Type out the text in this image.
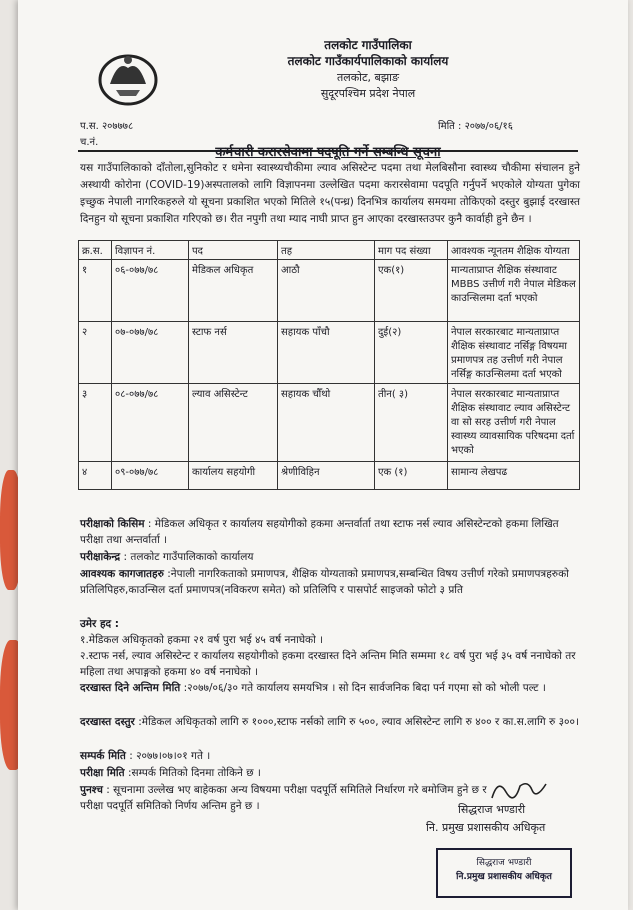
तलकोट गाउँपालिका
तलकोट गाउँकार्यपालिकाको कार्यालय
तलकोट, बझाङ
सुदूरपश्चिम प्रदेश नेपाल
प.स. २०७७७८
च.नं.
मिति : २०७७/०६/१६
कर्मचारी करारसेवामा पदपूति गर्ने सम्बन्धि सूचना
यस गाउँपालिकाको दाँतोला,सुनिकोट र धमेना स्वास्थ्यचौकीमा ल्याव असिस्टेन्ट पदमा तथा मेलबिसौना स्वास्थ्य चौकीमा संचालन हुने अस्थायी कोरोना (COVID-19)अस्पतालको लागि विज्ञापनमा उल्लेखित पदमा करारसेवामा पदपूति गर्नुपर्ने भएकोले योग्यता पुगेका इच्छुक नेपाली नागरिकहरुले यो सूचना प्रकाशित भएको मितिले १५(पन्ध्र) दिनभित्र कार्यालय समयमा तोकिएको दस्तुर बुझाई दरखास्त दिनहुन यो सूचना प्रकाशित गरिएको छ। रीत नपुगी तथा म्याद नाघी प्राप्त हुन आएका दरखास्तउपर कुनै कार्वाही हुने छैन ।
क्र.स.	विज्ञापन नं.	पद	तह	माग पद संख्या	आवश्यक न्यूनतम शैक्षिक योग्यता
१	०६-०७७/७८	मेडिकल अधिकृत	आठौ	एक(१)	मान्यताप्राप्त शैक्षिक संस्थावाट MBBS उत्तीर्ण गरी नेपाल मेडिकल काउन्सिलमा दर्ता भएको
२	०७-०७७/७८	स्टाफ नर्स	सहायक पाँचौ	दुई(२)	नेपाल सरकारबाट मान्यताप्राप्त शैक्षिक संस्थावाट नर्सिङ्ग विषयमा प्रमाणपत्र तह उत्तीर्ण गरी नेपाल नर्सिङ्ग काउन्सिलमा दर्ता भएको
३	०८-०७७/७८	ल्याव असिस्टेन्ट	सहायक चौँथो	तीन( ३)	नेपाल सरकारबाट मान्यताप्राप्त शैक्षिक संस्थावाट ल्याव असिस्टेन्ट वा सो सरह उत्तीर्ण गरी नेपाल स्वास्थ्य व्यावसायिक परिषदमा दर्ता भएको
४	०९-०७७/७८	कार्यालय सहयोगी	श्रेणीविहिन	एक (१)	सामान्य लेखपढ
परीक्षाको किसिम : मेडिकल अधिकृत र कार्यालय सहयोगीको हकमा अन्तर्वार्ता तथा स्टाफ नर्स ल्याव असिस्टेन्टको हकमा लिखित परीक्षा तथा अन्तर्वार्ता ।
परीक्षाकेन्द्र : तलकोट गाउँपालिकाको कार्यालय
आवश्यक कागजातहरु :नेपाली नागरिकताको प्रमाणपत्र, शैक्षिक योग्यताको प्रमाणपत्र,सम्बन्धित विषय उत्तीर्ण गरेको प्रमाणपत्रहरुको प्रतिलिपिहरु,काउन्सिल दर्ता प्रमाणपत्र(नविकरण समेत) को प्रतिलिपि र पासपोर्ट साइजको फोटो ३ प्रति
उमेर हद :
१.मेडिकल अधिकृतको हकमा २१ वर्ष पुरा भई ४५ वर्ष ननाघेको ।
२.स्टाफ नर्स, ल्याव असिस्टेन्ट र कार्यालय सहयोगीको हकमा दरखास्त दिने अन्तिम मिति सम्ममा १८ वर्ष पुरा भई ३५ वर्ष ननाघेको तर महिला तथा अपाङ्गको हकमा ४० वर्ष ननाघेको ।
दरखास्त दिने अन्तिम मिति :२०७७/०६/३० गते कार्यालय समयभित्र । सो दिन सार्वजनिक बिदा पर्न गएमा सो को भोली पल्ट ।
दरखास्त दस्तुर :मेडिकल अधिकृतको लागि रु १०००,स्टाफ नर्सको लागि रु ५००, ल्याव असिस्टेन्ट लागि रु ४०० र का.स.लागि रु ३००।
सम्पर्क मिति : २०७७।०७।०१ गते ।
परीक्षा मिति :सम्पर्क मितिको दिनमा तोकिने छ ।
पुनश्च : सूचनामा उल्लेख भए बाहेकका अन्य विषयमा परीक्षा पदपूर्ति समितिले निर्धारण गरे बमोजिम हुने छ र परीक्षा पदपूर्ति समितिको निर्णय अन्तिम हुने छ ।	सिद्धराज भण्डारी
नि. प्रमुख प्रशासकीय अधिकृत
सिद्धराज भण्डारी
नि.प्रमुख प्रशासकीय अधिकृत
